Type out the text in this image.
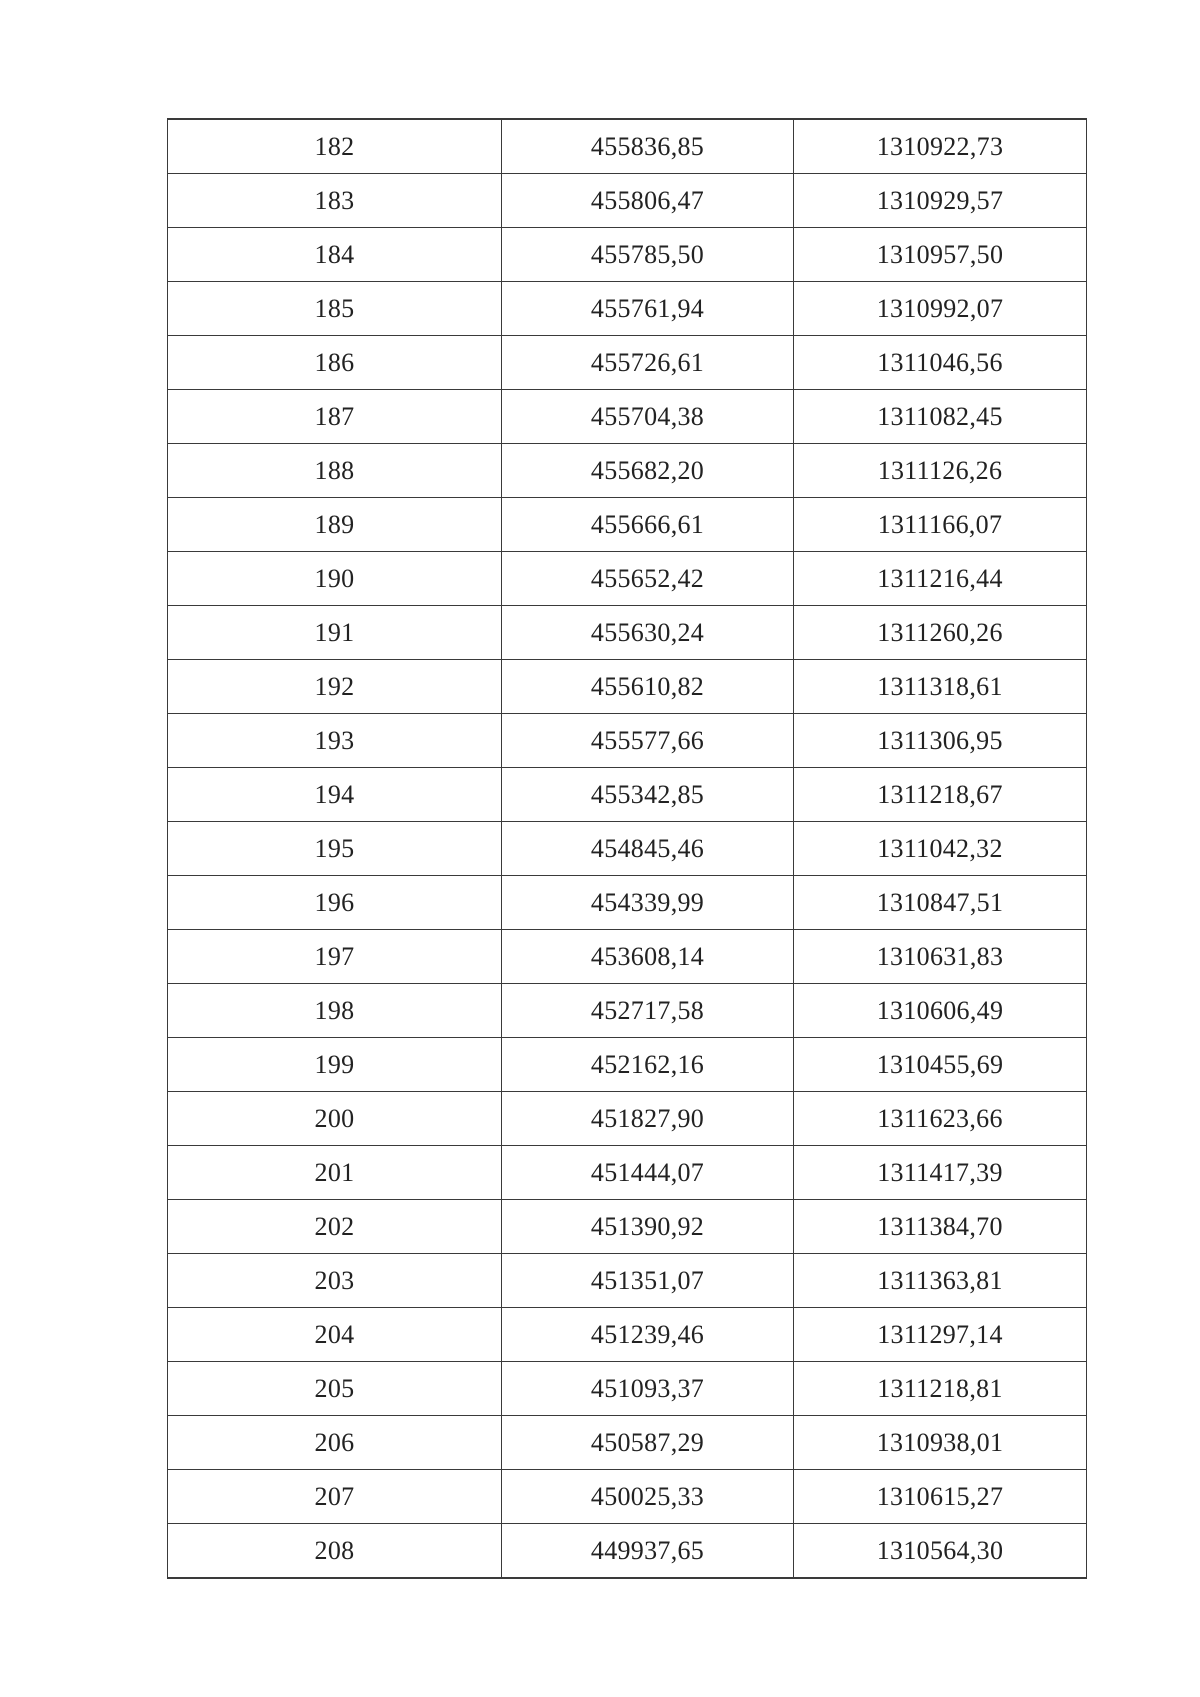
182	455836,85	1310922,73
183	455806,47	1310929,57
184	455785,50	1310957,50
185	455761,94	1310992,07
186	455726,61	1311046,56
187	455704,38	1311082,45
188	455682,20	1311126,26
189	455666,61	1311166,07
190	455652,42	1311216,44
191	455630,24	1311260,26
192	455610,82	1311318,61
193	455577,66	1311306,95
194	455342,85	1311218,67
195	454845,46	1311042,32
196	454339,99	1310847,51
197	453608,14	1310631,83
198	452717,58	1310606,49
199	452162,16	1310455,69
200	451827,90	1311623,66
201	451444,07	1311417,39
202	451390,92	1311384,70
203	451351,07	1311363,81
204	451239,46	1311297,14
205	451093,37	1311218,81
206	450587,29	1310938,01
207	450025,33	1310615,27
208	449937,65	1310564,30
